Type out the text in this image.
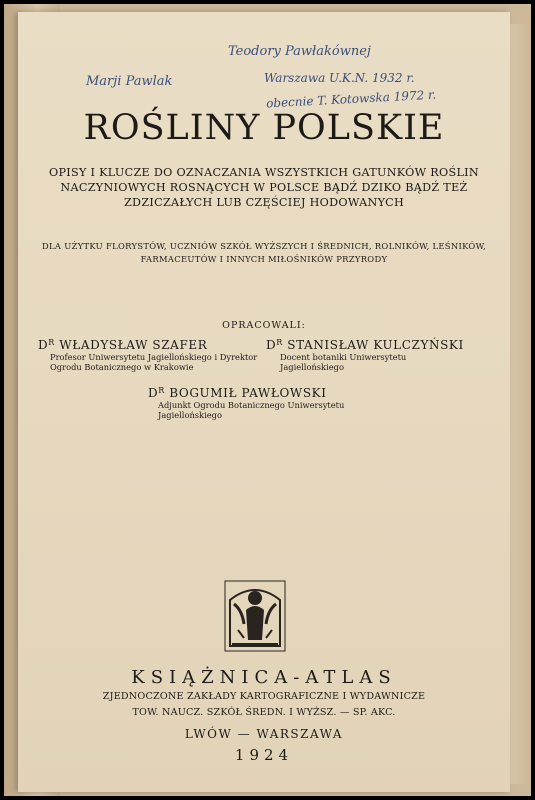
Teodory Pawłakównej
Marji Pawlak	Warszawa U.K.N. 1932 r.
obecnie T. Kotowska 1972 r.
ROŚLINY POLSKIE
OPISY I KLUCZE DO OZNACZANIA WSZYSTKICH GATUNKÓW ROŚLIN NACZYNIOWYCH ROSNĄCYCH W POLSCE BĄDŹ DZIKO BĄDŹ TEŻ ZDZICZAŁYCH LUB CZĘŚCIEJ HODOWANYCH
DLA UŻYTKU FLORYSTÓW, UCZNIÓW SZKÓŁ WYŻSZYCH I ŚREDNICH, ROLNIKÓW, LEŚNIKÓW, FARMACEUTÓW I INNYCH MIŁOŚNIKÓW PRZYRODY
OPRACOWALI:
$D^R$ WŁADYSŁAW SZAFER
Profesor Uniwersytetu Jagiellońskiego i Dyrektor Ogrodu Botanicznego w Krakowie
$D^R$ STANISŁAW KULCZYŃSKI
Docent botaniki Uniwersytetu Jagiellońskiego
$D^R$ BOGUMIŁ PAWŁOWSKI
Adjunkt Ogrodu Botanicznego Uniwersytetu Jagiellońskiego
KSIĄŻNICA-ATLAS
ZJEDNOCZONE ZAKŁADY KARTOGRAFICZNE I WYDAWNICZE
TOW. NAUCZ. SZKÓŁ ŚREDN. I WYŻSZ. — SP. AKC.
LWÓW — WARSZAWA
1924
